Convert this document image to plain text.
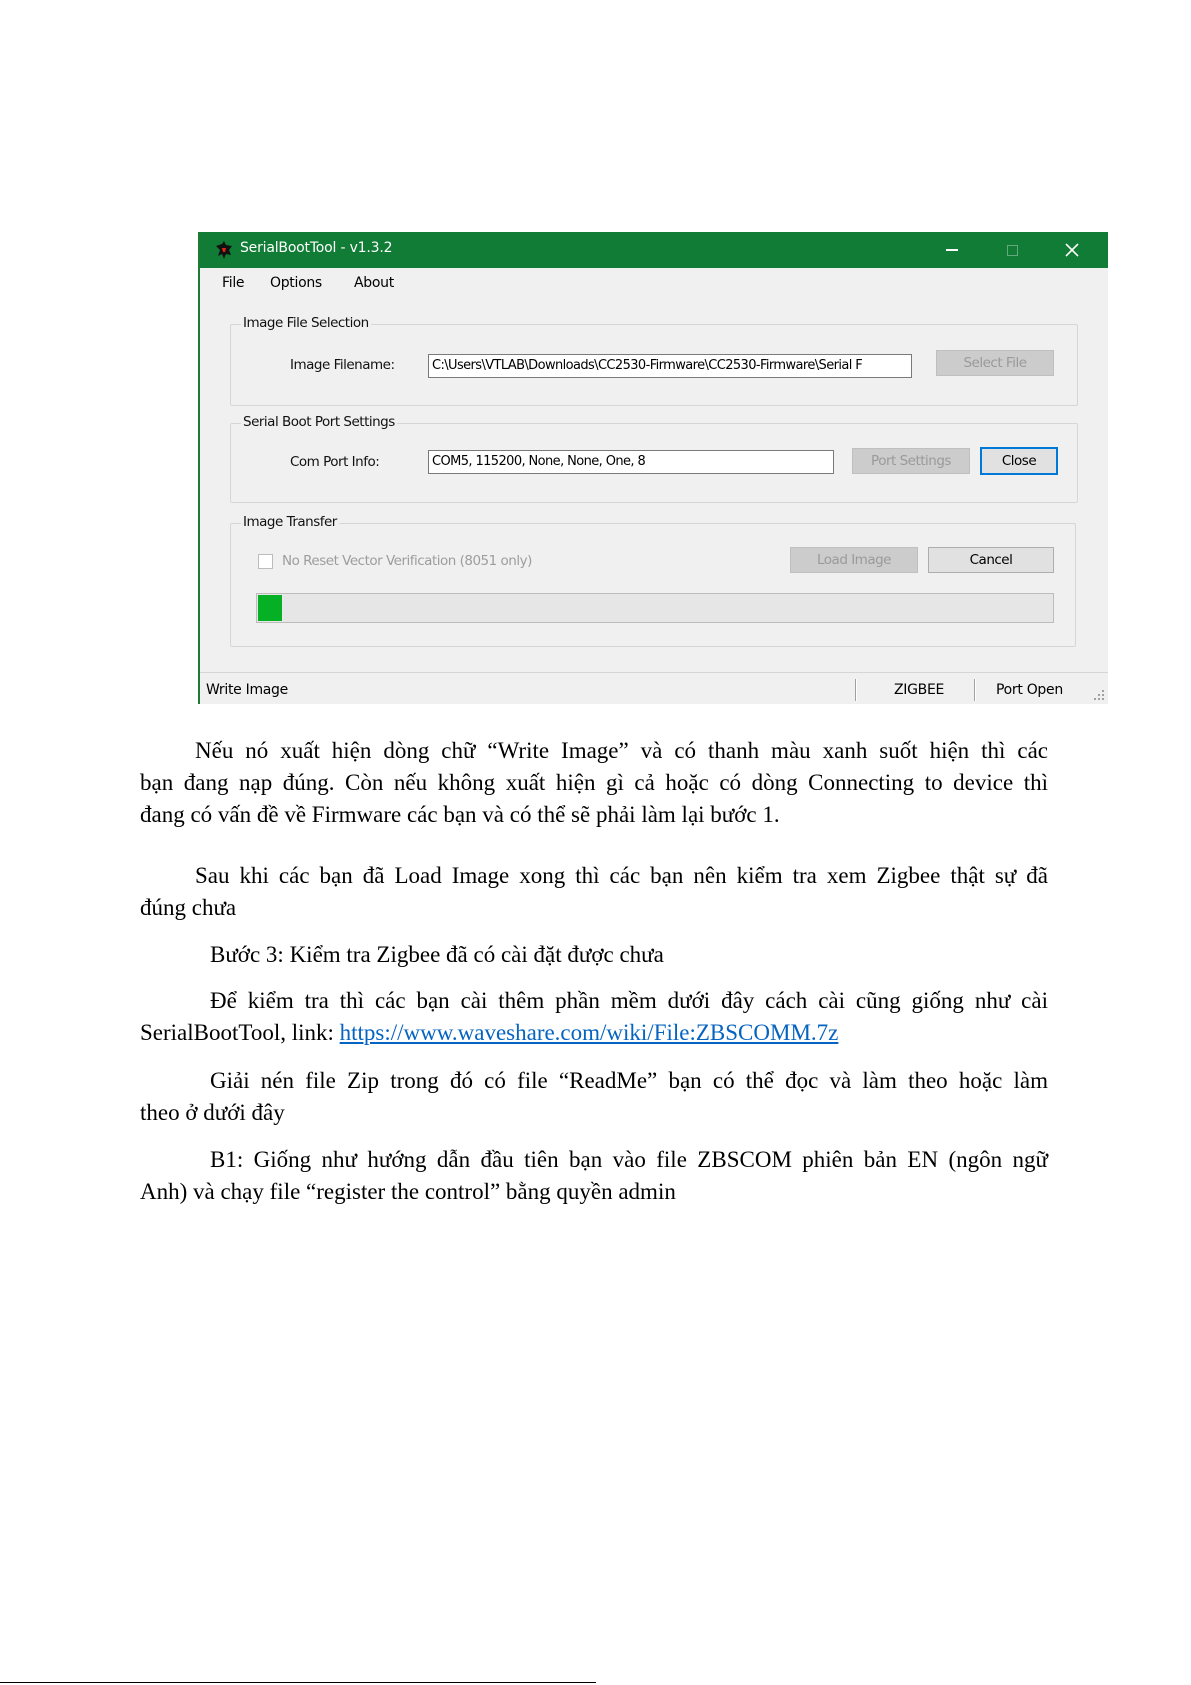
SerialBootTool - v1.3.2
File Options About
Image File Selection
Image Filename:	C:\Users\VTLAB\Downloads\CC2530-Firmware\CC2530-Firmware\Serial F	Select File
Serial Boot Port Settings
Com Port Info:	COM5, 115200, None, None, One, 8	Port Settings	Close
Image Transfer
No Reset Vector Verification (8051 only)	Load Image	Cancel
Write Image	ZIGBEE	Port Open
Nếu nó xuất hiện dòng chữ “Write Image” và có thanh màu xanh suốt hiện thì các
bạn đang nạp đúng. Còn nếu không xuất hiện gì cả hoặc có dòng Connecting to device thì
đang có vấn đề về Firmware các bạn và có thể sẽ phải làm lại bước 1.
Sau khi các bạn đã Load Image xong thì các bạn nên kiểm tra xem Zigbee thật sự đã
đúng chưa
Bước 3: Kiểm tra Zigbee đã có cài đặt được chưa
Để kiểm tra thì các bạn cài thêm phần mềm dưới đây cách cài cũng giống như cài
SerialBootTool, link: https://www.waveshare.com/wiki/File:ZBSCOMM.7z
Giải nén file Zip trong đó có file “ReadMe” bạn có thể đọc và làm theo hoặc làm
theo ở dưới đây
B1: Giống như hướng dẫn đầu tiên bạn vào file ZBSCOM phiên bản EN (ngôn ngữ
Anh) và chạy file “register the control” bằng quyền admin
